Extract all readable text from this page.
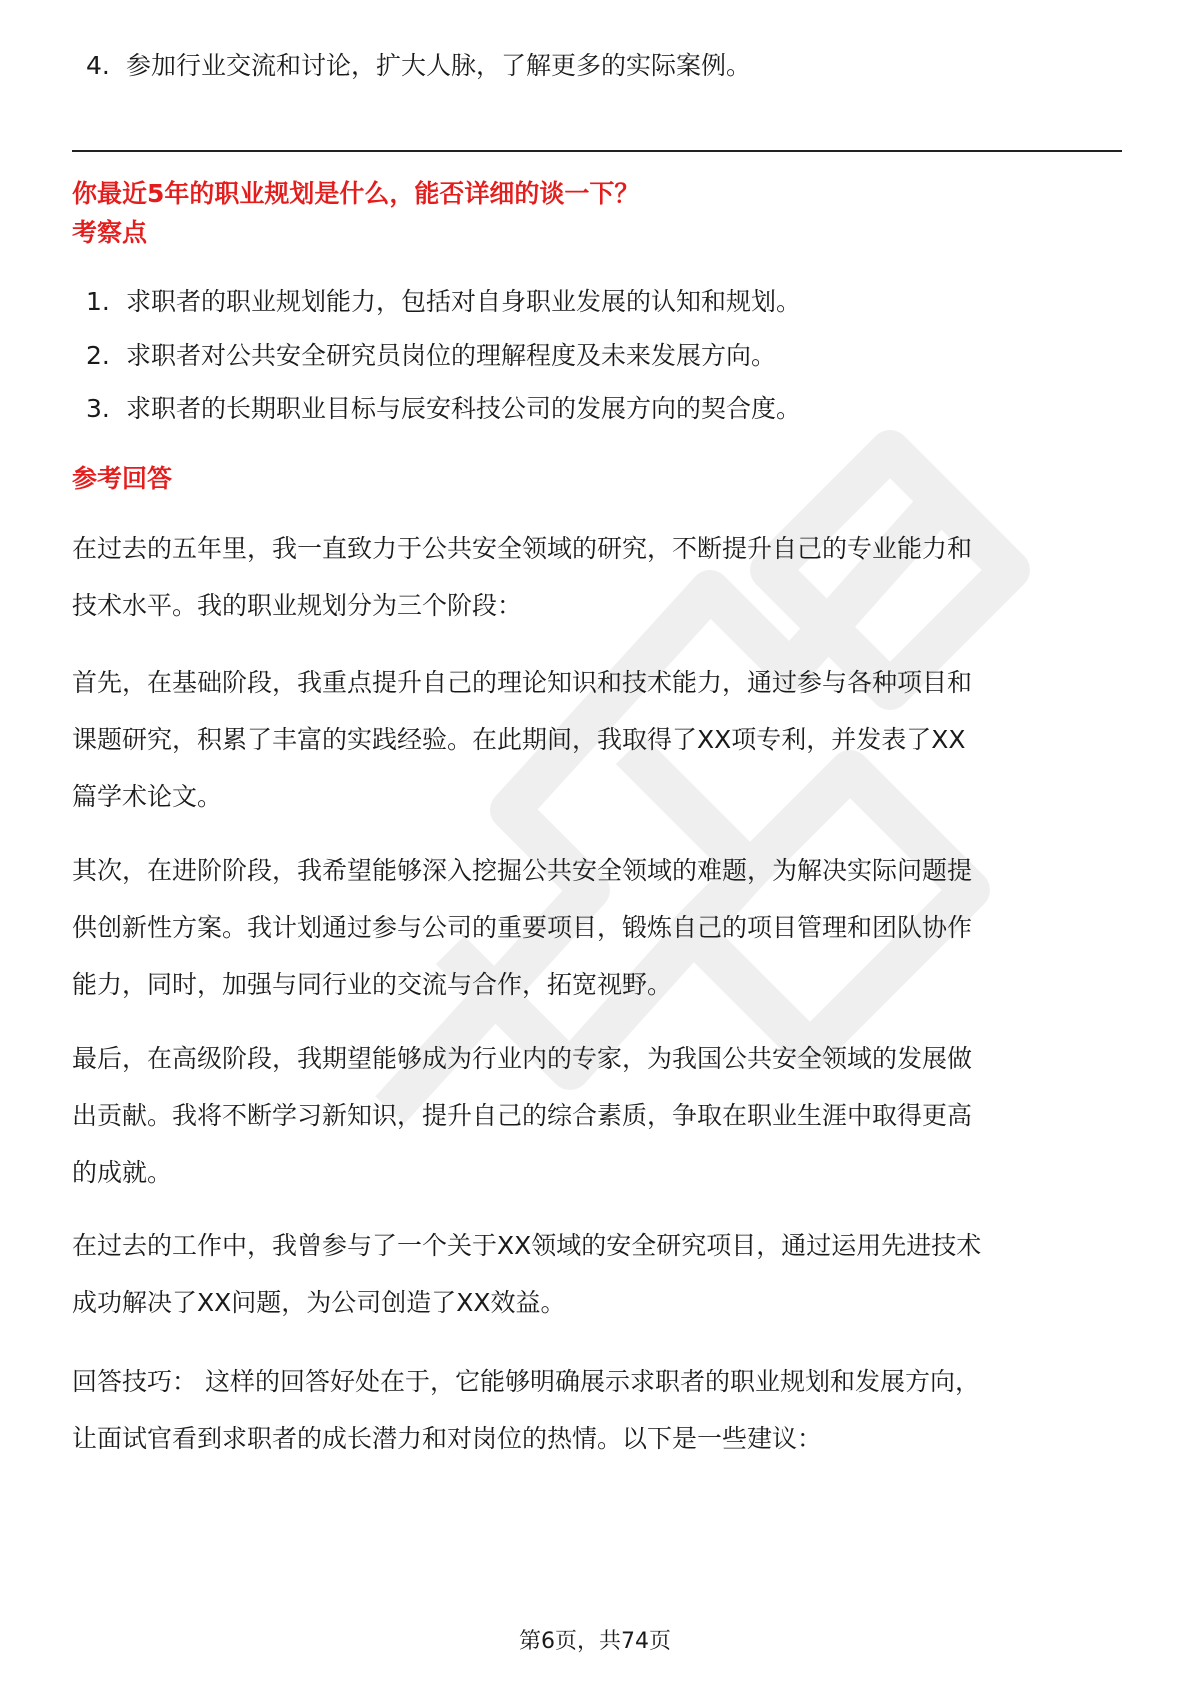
4. 参加行业交流和讨论，扩大人脉，了解更多的实际案例。
你最近5年的职业规划是什么，能否详细的谈一下？
考察点
1. 求职者的职业规划能力，包括对自身职业发展的认知和规划。
2. 求职者对公共安全研究员岗位的理解程度及未来发展方向。
3. 求职者的长期职业目标与辰安科技公司的发展方向的契合度。
参考回答
在过去的五年里，我一直致力于公共安全领域的研究，不断提升自己的专业能力和
技术水平。我的职业规划分为三个阶段：
首先，在基础阶段，我重点提升自己的理论知识和技术能力，通过参与各种项目和
课题研究，积累了丰富的实践经验。在此期间，我取得了XX项专利，并发表了XX
篇学术论文。
其次，在进阶阶段，我希望能够深入挖掘公共安全领域的难题，为解决实际问题提
供创新性方案。我计划通过参与公司的重要项目，锻炼自己的项目管理和团队协作
能力，同时，加强与同行业的交流与合作，拓宽视野。
最后，在高级阶段，我期望能够成为行业内的专家，为我国公共安全领域的发展做
出贡献。我将不断学习新知识，提升自己的综合素质，争取在职业生涯中取得更高
的成就。
在过去的工作中，我曾参与了一个关于XX领域的安全研究项目，通过运用先进技术
成功解决了XX问题，为公司创造了XX效益。
回答技巧： 这样的回答好处在于，它能够明确展示求职者的职业规划和发展方向，
让面试官看到求职者的成长潜力和对岗位的热情。以下是一些建议：
第6页，共74页
